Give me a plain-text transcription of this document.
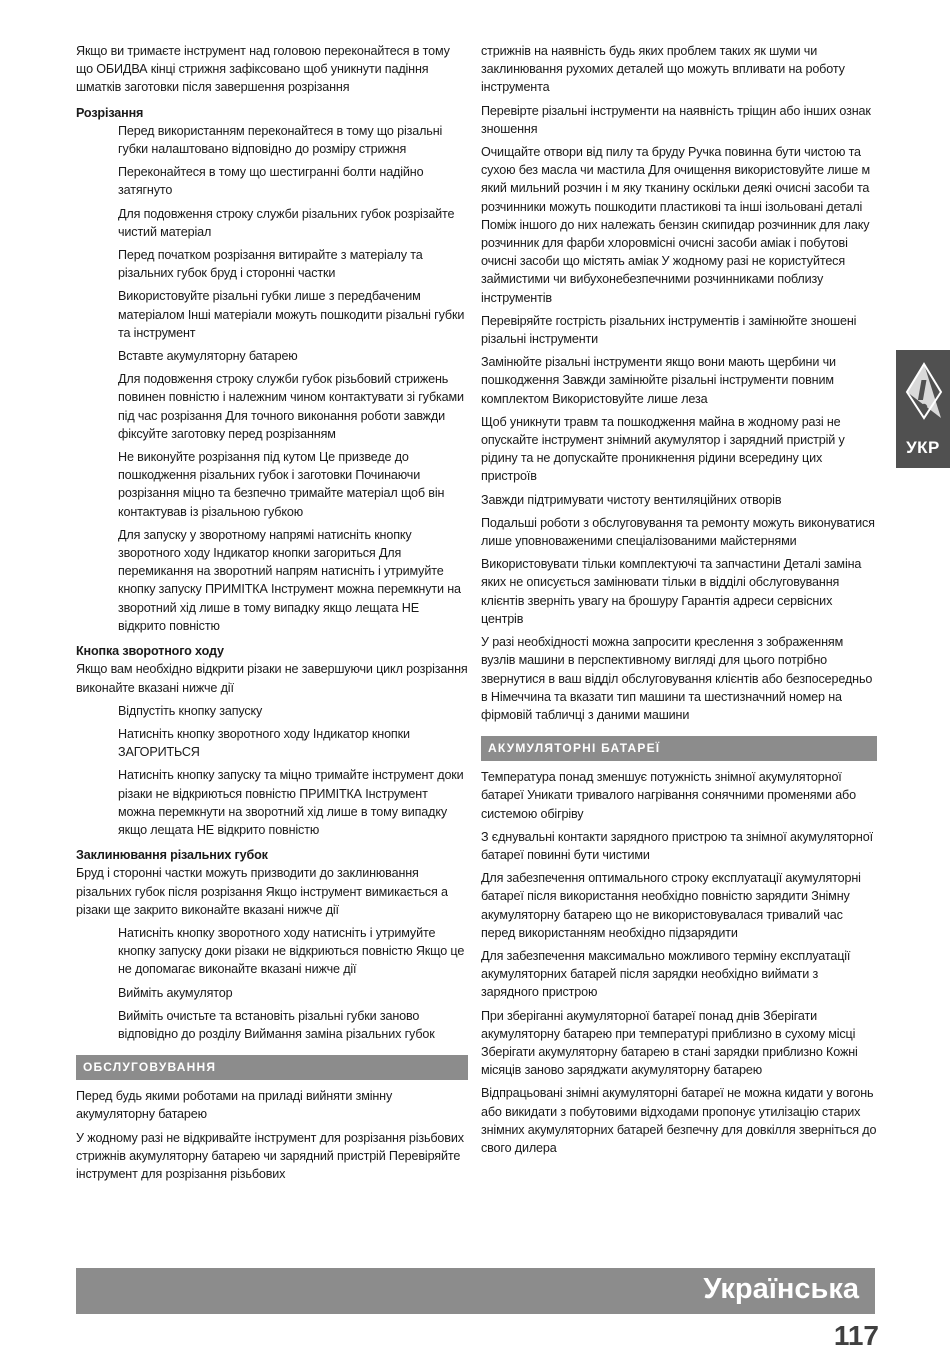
Якщо ви тримаєте інструмент над головою переконайтеся в тому що ОБИДВА кінці стрижня зафіксовано щоб уникнути падіння шматків заготовки після завершення розрізання

Розрізання

Перед використанням переконайтеся в тому що різальні губки налаштовано відповідно до розміру стрижня

Переконайтеся в тому що шестигранні болти надійно затягнуто

Для подовження строку служби різальних губок розрізайте чистий матеріал

Перед початком розрізання витирайте з матеріалу та різальних губок бруд і сторонні частки

Використовуйте різальні губки лише з передбаченим матеріалом Інші матеріали можуть пошкодити різальні губки та інструмент

Вставте акумуляторну батарею

Для подовження строку служби губок різьбовий стрижень повинен повністю і належним чином контактувати зі губками під час розрізання Для точного виконання роботи завжди фіксуйте заготовку перед розрізанням

Не виконуйте розрізання під кутом Це призведе до пошкодження різальних губок і заготовки Починаючи розрізання міцно та безпечно тримайте матеріал щоб він контактував із різальною губкою

Для запуску у зворотному напрямі натисніть кнопку зворотного ходу Індикатор кнопки загориться Для перемикання на зворотний напрям натисніть і утримуйте кнопку запуску ПРИМІТКА Інструмент можна перемкнути на зворотний хід лише в тому випадку якщо лещата НЕ відкрито повністю

Кнопка зворотного ходу

Якщо вам необхідно відкрити різаки не завершуючи цикл розрізання виконайте вказані нижче дії

Відпустіть кнопку запуску

Натисніть кнопку зворотного ходу Індикатор кнопки ЗАГОРИТЬСЯ

Натисніть кнопку запуску та міцно тримайте інструмент доки різаки не відкриються повністю ПРИМІТКА Інструмент можна перемкнути на зворотний хід лише в тому випадку якщо лещата НЕ відкрито повністю

Заклинювання різальних губок

Бруд і сторонні частки можуть призводити до заклинювання різальних губок після розрізання Якщо інструмент вимикається а різаки ще закрито виконайте вказані нижче дії

Натисніть кнопку зворотного ходу натисніть і утримуйте кнопку запуску доки різаки не відкриються повністю Якщо це не допомагає виконайте вказані нижче дії

Вийміть акумулятор

Вийміть очистьте та встановіть різальні губки заново відповідно до розділу Виймання заміна різальних губок

ОБСЛУГОВУВАННЯ

Перед будь якими роботами на приладі вийняти змінну акумуляторну батарею

У жодному разі не відкривайте інструмент для розрізання різьбових стрижнів акумуляторну батарею чи зарядний пристрій Перевіряйте інструмент для розрізання різьбових

стрижнів на наявність будь яких проблем таких як шуми чи заклинювання рухомих деталей що можуть впливати на роботу інструмента

Перевірте різальні інструменти на наявність тріщин або інших ознак зношення

Очищайте отвори від пилу та бруду Ручка повинна бути чистою та сухою без масла чи мастила Для очищення використовуйте лише м який мильний розчин і м яку тканину оскільки деякі очисні засоби та розчинники можуть пошкодити пластикові та інші ізольовані деталі Поміж іншого до них належать бензин скипидар розчинник для лаку розчинник для фарби хлоровмісні очисні засоби аміак і побутові очисні засоби що містять аміак У жодному разі не користуйтеся займистими чи вибухонебезпечними розчинниками поблизу інструментів

Перевіряйте гострість різальних інструментів і замінюйте зношені різальні інструменти

Замінюйте різальні інструменти якщо вони мають щербини чи пошкодження Завжди замінюйте різальні інструменти повним комплектом Використовуйте лише леза

Щоб уникнути травм та пошкодження майна в жодному разі не опускайте інструмент знімний акумулятор і зарядний пристрій у рідину та не допускайте проникнення рідини всередину цих пристроїв

Завжди підтримувати чистоту вентиляційних отворів

Подальші роботи з обслуговування та ремонту можуть виконуватися лише уповноваженими спеціалізованими майстернями

Використовувати тільки комплектуючі та запчастини Деталі заміна яких не описується замінювати тільки в відділі обслуговування клієнтів зверніть увагу на брошуру Гарантія адреси сервісних центрів

У разі необхідності можна запросити креслення з зображенням вузлів машини в перспективному вигляді для цього потрібно звернутися в ваш відділ обслуговування клієнтів або безпосередньо в Німеччина та вказати тип машини та шестизначний номер на фірмовій табличці з даними машини

АКУМУЛЯТОРНІ БАТАРЕЇ

Температура понад зменшує потужність знімної акумуляторної батареї Уникати тривалого нагрівання сонячними променями або системою обігріву

З єднувальні контакти зарядного пристрою та знімної акумуляторної батареї повинні бути чистими

Для забезпечення оптимального строку експлуатації акумуляторні батареї після використання необхідно повністю зарядити Знімну акумуляторну батарею що не використовувалася тривалий час перед використанням необхідно підзарядити

Для забезпечення максимально можливого терміну експлуатації акумуляторних батарей після зарядки необхідно виймати з зарядного пристрою

При зберіганні акумуляторної батареї понад днів Зберігати акумуляторну батарею при температурі приблизно в сухому місці Зберігати акумуляторну батарею в стані зарядки приблизно Кожні місяців заново заряджати акумуляторну батарею

Відпрацьовані знімні акумуляторні батареї не можна кидати у вогонь або викидати з побутовими відходами пропонує утилізацію старих знімних акумуляторних батарей безпечну для довкілля зверніться до свого дилера

УКР
Українська
117
